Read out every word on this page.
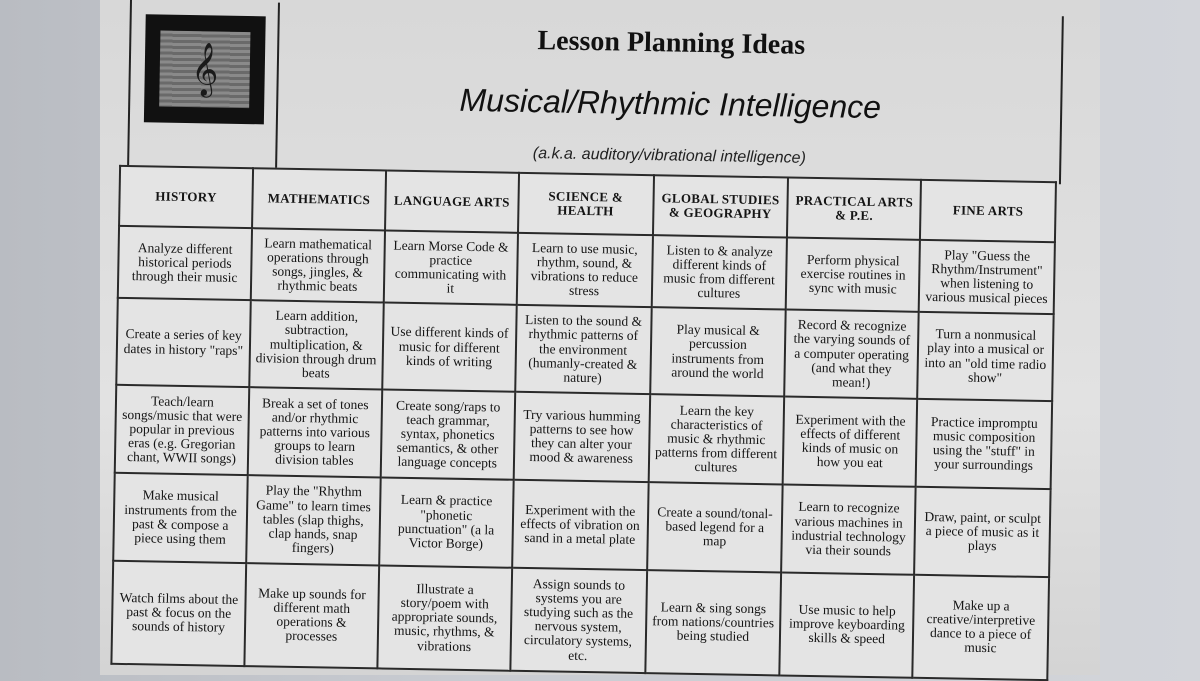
𝄞	Lesson Planning Ideas
Musical/Rhythmic Intelligence
(a.k.a. auditory/vibrational intelligence)
HISTORY	MATHEMATICS	LANGUAGE ARTS	SCIENCE & HEALTH	GLOBAL STUDIES & GEOGRAPHY	PRACTICAL ARTS & P.E.	FINE ARTS
Analyze different historical periods through their music	Learn mathematical operations through songs, jingles, & rhythmic beats	Learn Morse Code & practice communicating with it	Learn to use music, rhythm, sound, & vibrations to reduce stress	Listen to & analyze different kinds of music from different cultures	Perform physical exercise routines in sync with music	Play "Guess the Rhythm/Instrument" when listening to various musical pieces
Create a series of key dates in history "raps"	Learn addition, subtraction, multiplication, & division through drum beats	Use different kinds of music for different kinds of writing	Listen to the sound & rhythmic patterns of the environment (humanly-created & nature)	Play musical & percussion instruments from around the world	Record & recognize the varying sounds of a computer operating (and what they mean!)	Turn a nonmusical play into a musical or into an "old time radio show"
Teach/learn songs/music that were popular in previous eras (e.g. Gregorian chant, WWII songs)	Break a set of tones and/or rhythmic patterns into various groups to learn division tables	Create song/raps to teach grammar, syntax, phonetics semantics, & other language concepts	Try various humming patterns to see how they can alter your mood & awareness	Learn the key characteristics of music & rhythmic patterns from different cultures	Experiment with the effects of different kinds of music on how you eat	Practice impromptu music composition using the "stuff" in your surroundings
Make musical instruments from the past & compose a piece using them	Play the "Rhythm Game" to learn times tables (slap thighs, clap hands, snap fingers)	Learn & practice "phonetic punctuation" (a la Victor Borge)	Experiment with the effects of vibration on sand in a metal plate	Create a sound/tonal-based legend for a map	Learn to recognize various machines in industrial technology via their sounds	Draw, paint, or sculpt a piece of music as it plays
Watch films about the past & focus on the sounds of history	Make up sounds for different math operations & processes	Illustrate a story/poem with appropriate sounds, music, rhythms, & vibrations	Assign sounds to systems you are studying such as the nervous system, circulatory systems, etc.	Learn & sing songs from nations/countries being studied	Use music to help improve keyboarding skills & speed	Make up a creative/interpretive dance to a piece of music
